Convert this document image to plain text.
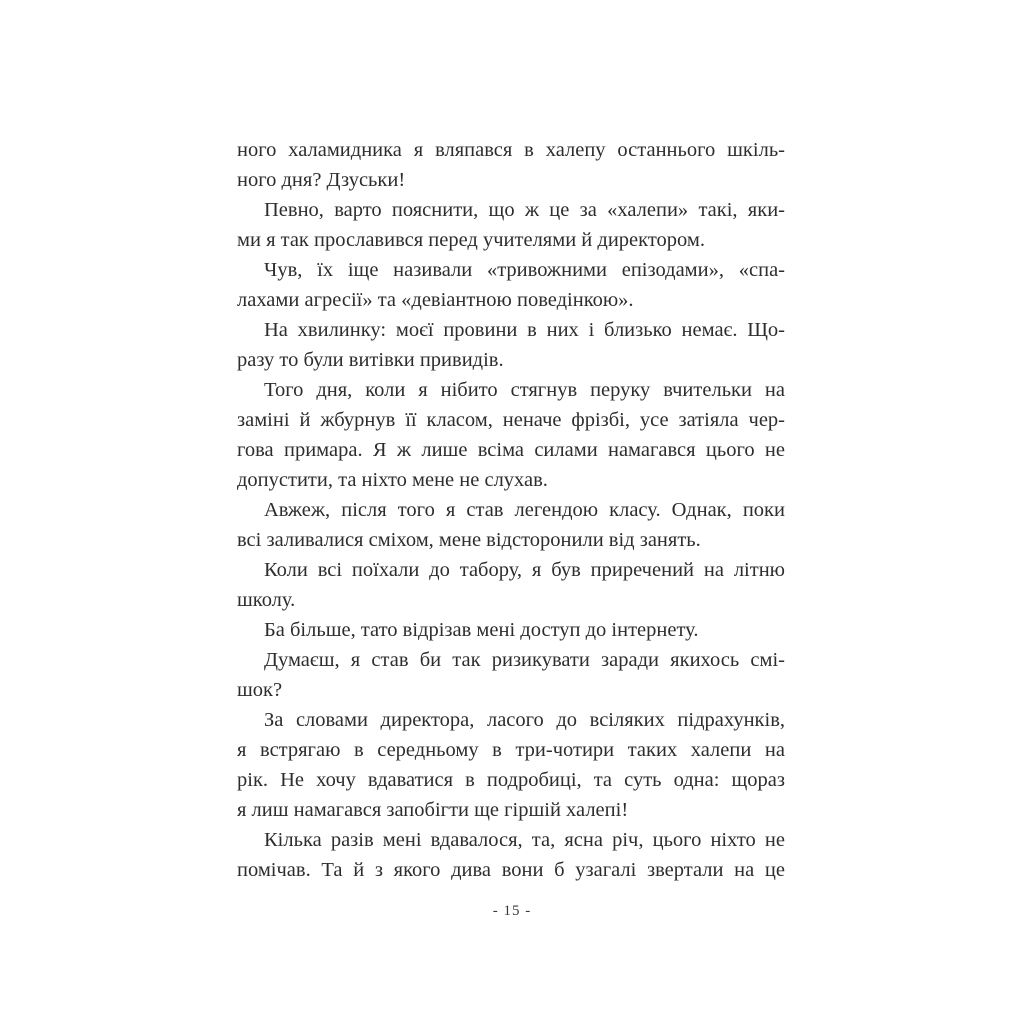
ного халамидника я вляпався в халепу останнього шкіль-
ного дня? Дзуськи!
Певно, варто пояснити, що ж це за «халепи» такі, яки-
ми я так прославився перед учителями й директором.
Чув, їх іще називали «тривожними епізодами», «спа-
лахами агресії» та «девіантною поведінкою».
На хвилинку: моєї провини в них і близько немає. Що-
разу то були витівки привидів.
Того дня, коли я нібито стягнув перуку вчительки на
заміні й жбурнув її класом, неначе фрізбі, усе затіяла чер-
гова примара. Я ж лише всіма силами намагався цього не
допустити, та ніхто мене не слухав.
Авжеж, після того я став легендою класу. Однак, поки
всі заливалися сміхом, мене відсторонили від занять.
Коли всі поїхали до табору, я був приречений на літню
школу.
Ба більше, тато відрізав мені доступ до інтернету.
Думаєш, я став би так ризикувати заради якихось смі-
шок?
За словами директора, ласого до всіляких підрахунків,
я встрягаю в середньому в три-чотири таких халепи на
рік. Не хочу вдаватися в подробиці, та суть одна: щораз
я лиш намагався запобігти ще гіршій халепі!
Кілька разів мені вдавалося, та, ясна річ, цього ніхто не
помічав. Та й з якого дива вони б узагалі звертали на це
- 15 -
